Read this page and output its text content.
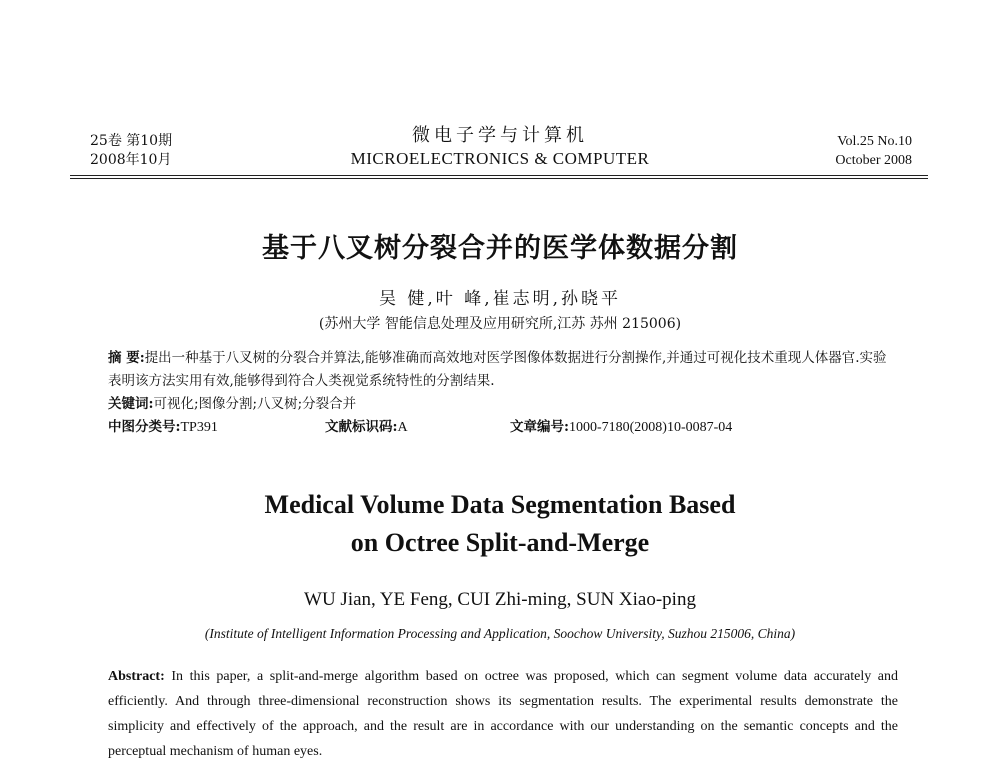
25卷 第10期
2008年10月
微电子学与计算机
MICROELECTRONICS & COMPUTER
Vol.25 No.10
October 2008
基于八叉树分裂合并的医学体数据分割
吴 健,叶 峰,崔志明,孙晓平
(苏州大学 智能信息处理及应用研究所,江苏 苏州 215006)
摘 要:提出一种基于八叉树的分裂合并算法,能够准确而高效地对医学图像体数据进行分割操作,并通过可视化技术重现人体器官.实验表明该方法实用有效,能够得到符合人类视觉系统特性的分割结果.
关键词:可视化;图像分割;八叉树;分裂合并
中图分类号:TP391	文献标识码:A	文章编号:1000-7180(2008)10-0087-04
Medical Volume Data Segmentation Based
on Octree Split-and-Merge
WU Jian, YE Feng, CUI Zhi-ming, SUN Xiao-ping
(Institute of Intelligent Information Processing and Application, Soochow University, Suzhou 215006, China)
Abstract: In this paper, a split-and-merge algorithm based on octree was proposed, which can segment volume data accurately and efficiently. And through three-dimensional reconstruction shows its segmentation results. The experimental results demonstrate the simplicity and effectively of the approach, and the result are in accordance with our understanding on the semantic concepts and the perceptual mechanism of human eyes.
